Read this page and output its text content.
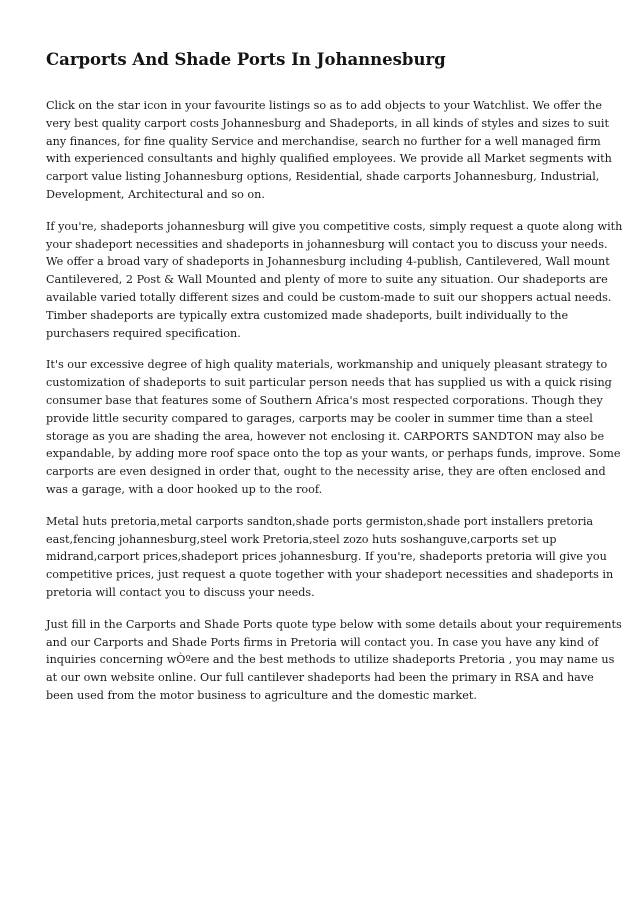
Carports And Shade Ports In Johannesburg

Click on the star icon in your favourite listings so as to add objects to your Watchlist. We offer the
very best quality carport costs Johannesburg and Shadeports, in all kinds of styles and sizes to suit
any finances, for fine quality Service and merchandise, search no further for a well managed firm
with experienced consultants and highly qualified employees. We provide all Market segments with
carport value listing Johannesburg options, Residential, shade carports Johannesburg, Industrial,
Development, Architectural and so on.

If you're, shadeports johannesburg will give you competitive costs, simply request a quote along with
your shadeport necessities and shadeports in johannesburg will contact you to discuss your needs.
We offer a broad vary of shadeports in Johannesburg including 4-publish, Cantilevered, Wall mount
Cantilevered, 2 Post & Wall Mounted and plenty of more to suite any situation. Our shadeports are
available varied totally different sizes and could be custom-made to suit our shoppers actual needs.
Timber shadeports are typically extra customized made shadeports, built individually to the
purchasers required specification.

It's our excessive degree of high quality materials, workmanship and uniquely pleasant strategy to
customization of shadeports to suit particular person needs that has supplied us with a quick rising
consumer base that features some of Southern Africa's most respected corporations. Though they
provide little security compared to garages, carports may be cooler in summer time than a steel
storage as you are shading the area, however not enclosing it. CARPORTS SANDTON may also be
expandable, by adding more roof space onto the top as your wants, or perhaps funds, improve. Some
carports are even designed in order that, ought to the necessity arise, they are often enclosed and
was a garage, with a door hooked up to the roof.

Metal huts pretoria,metal carports sandton,shade ports germiston,shade port installers pretoria
east,fencing johannesburg,steel work Pretoria,steel zozo huts soshanguve,carports set up
midrand,carport prices,shadeport prices johannesburg. If you're, shadeports pretoria will give you
competitive prices, just request a quote together with your shadeport necessities and shadeports in
pretoria will contact you to discuss your needs.

Just fill in the Carports and Shade Ports quote type below with some details about your requirements
and our Carports and Shade Ports firms in Pretoria will contact you. In case you have any kind of
inquiries concerning wÒºere and the best methods to utilize shadeports Pretoria , you may name us
at our own website online. Our full cantilever shadeports had been the primary in RSA and have
been used from the motor business to agriculture and the domestic market.
